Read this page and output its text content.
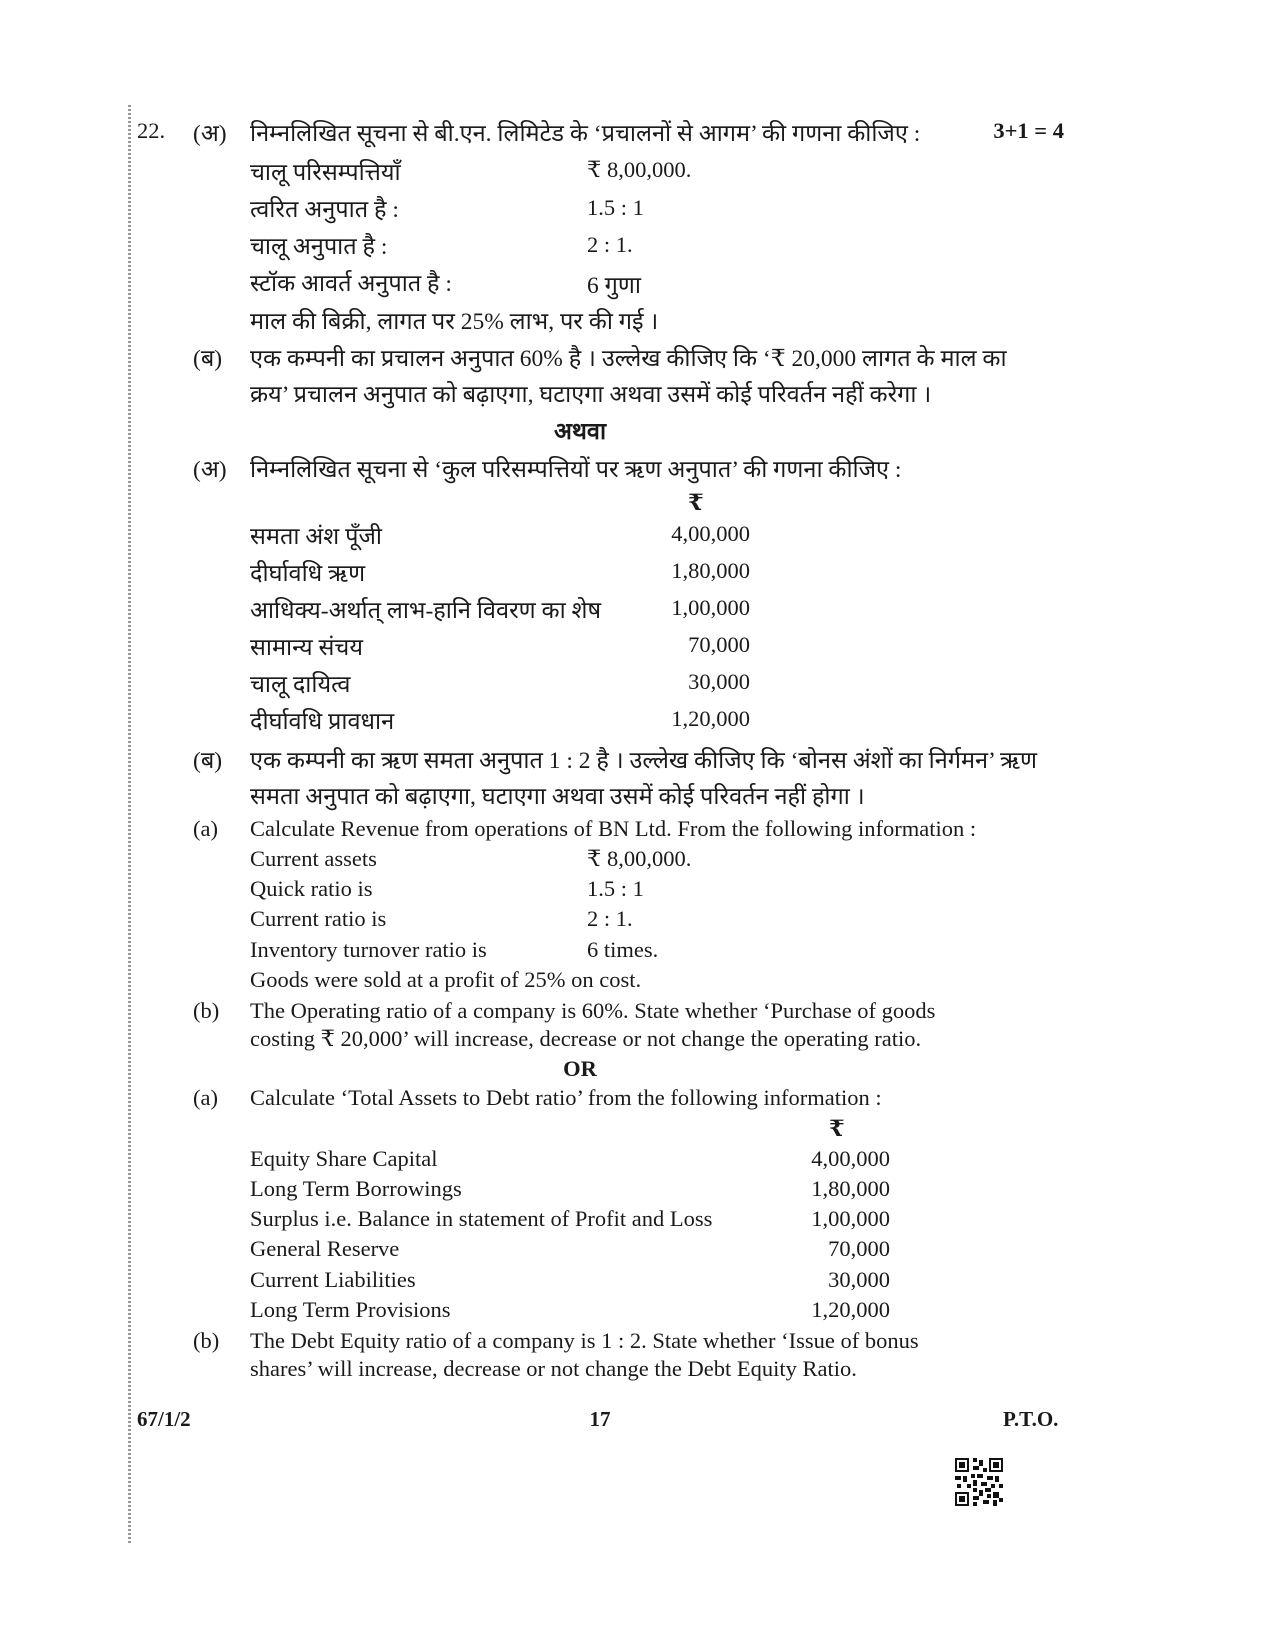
22. (अ) निम्नलिखित सूचना से बी.एन. लिमिटेड के ‘प्रचालनों से आगम’ की गणना कीजिए :	3+1 = 4
चालू परिसम्पत्तियाँ	₹ 8,00,000.
त्वरित अनुपात है :	1.5 : 1
चालू अनुपात है :	2 : 1.
स्टॉक आवर्त अनुपात है :	6 गुणा
माल की बिक्री, लागत पर 25% लाभ, पर की गई ।
(ब) एक कम्पनी का प्रचालन अनुपात 60% है । उल्लेख कीजिए कि ‘₹ 20,000 लागत के माल का
क्रय’ प्रचालन अनुपात को बढ़ाएगा, घटाएगा अथवा उसमें कोई परिवर्तन नहीं करेगा ।
अथवा
(अ) निम्नलिखित सूचना से ‘कुल परिसम्पत्तियों पर ऋण अनुपात’ की गणना कीजिए :
₹
समता अंश पूँजी	4,00,000
दीर्घावधि ऋण	1,80,000
आधिक्य-अर्थात् लाभ-हानि विवरण का शेष	1,00,000
सामान्य संचय	70,000
चालू दायित्व	30,000
दीर्घावधि प्रावधान	1,20,000
(ब) एक कम्पनी का ऋण समता अनुपात 1 : 2 है । उल्लेख कीजिए कि ‘बोनस अंशों का निर्गमन’ ऋण
समता अनुपात को बढ़ाएगा, घटाएगा अथवा उसमें कोई परिवर्तन नहीं होगा ।
(a) Calculate Revenue from operations of BN Ltd. From the following information :
Current assets	₹ 8,00,000.
Quick ratio is	1.5 : 1
Current ratio is	2 : 1.
Inventory turnover ratio is	6 times.
Goods were sold at a profit of 25% on cost.
(b) The Operating ratio of a company is 60%. State whether ‘Purchase of goods
costing ₹ 20,000’ will increase, decrease or not change the operating ratio.
OR
(a) Calculate ‘Total Assets to Debt ratio’ from the following information :
₹
Equity Share Capital	4,00,000
Long Term Borrowings	1,80,000
Surplus i.e. Balance in statement of Profit and Loss	1,00,000
General Reserve	70,000
Current Liabilities	30,000
Long Term Provisions	1,20,000
(b) The Debt Equity ratio of a company is 1 : 2. State whether ‘Issue of bonus
shares’ will increase, decrease or not change the Debt Equity Ratio.
67/1/2	17	P.T.O.
